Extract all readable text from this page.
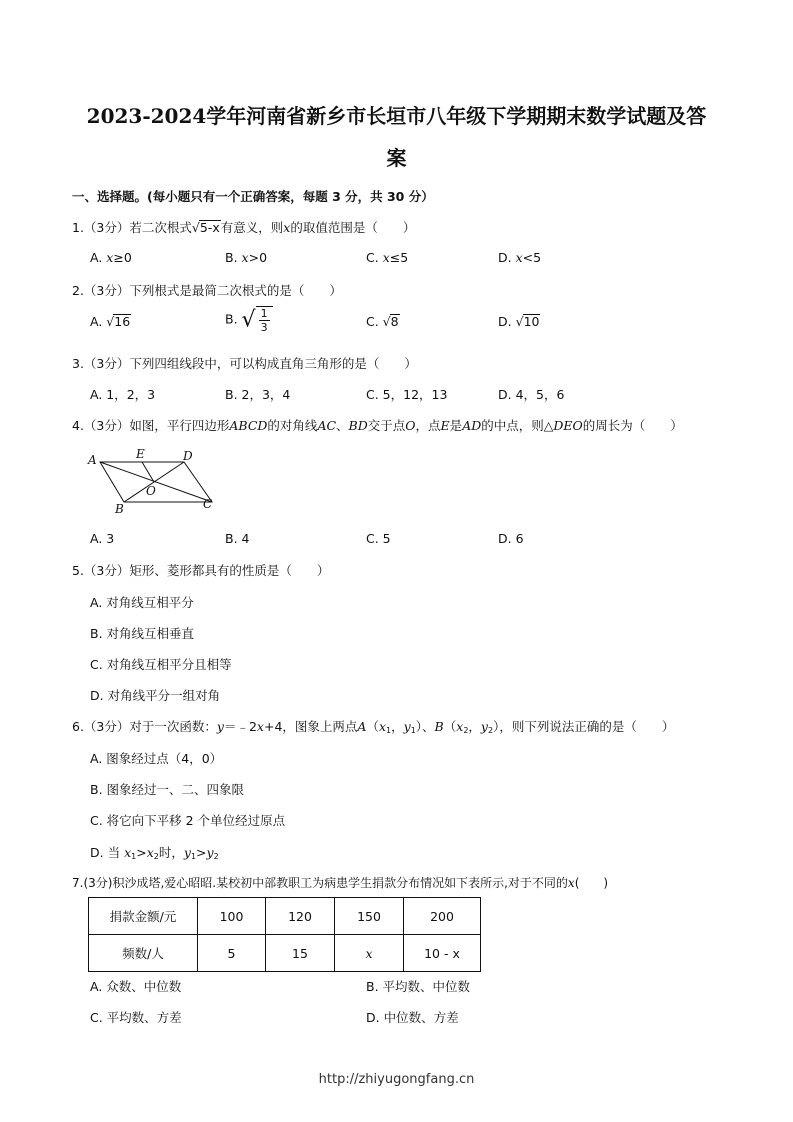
2023-2024学年河南省新乡市长垣市八年级下学期期末数学试题及答
案
一、选择题。(每小题只有一个正确答案，每题 3 分，共 30 分）
1.（3分）若二次根式√5-x有意义，则x的取值范围是（　　）
A. x≥0	B. x>0	C. x≤5	D. x<5
2.（3分）下列根式是最简二次根式的是（　　）
A. √16	B. √ $\frac{1}{3}$	C. √8	D. √10
3.（3分）下列四组线段中，可以构成直角三角形的是（　　）
A. 1，2，3	B. 2，3，4	C. 5，12，13	D. 4，5，6
4.（3分）如图，平行四边形ABCD的对角线AC、BD交于点O，点E是AD的中点，则△DEO的周长为（　　）
A	E	D
O
B	C
A. 3	B. 4	C. 5	D. 6
5.（3分）矩形、菱形都具有的性质是（　　）
A. 对角线互相平分
B. 对角线互相垂直
C. 对角线互相平分且相等
D. 对角线平分一组对角
6.（3分）对于一次函数：y＝﹣2x+4，图象上两点$A(x_1$，$y_1$）、$B(x_2$，$y_2$），则下列说法正确的是（　　）
A. 图象经过点（4，0）
B. 图象经过一、二、四象限
C. 将它向下平移 2 个单位经过原点
D. 当 $x_1>x_2$时，$y_1>y_2$
7.(3分)积沙成塔,爱心昭昭.某校初中部教职工为病患学生捐款分布情况如下表所示,对于不同的x(　　)
捐款金额/元	100	120	150	200
频数/人	5	15	x	10 - x
A. 众数、中位数	B. 平均数、中位数
C. 平均数、方差	D. 中位数、方差
http://zhiyugongfang.cn
